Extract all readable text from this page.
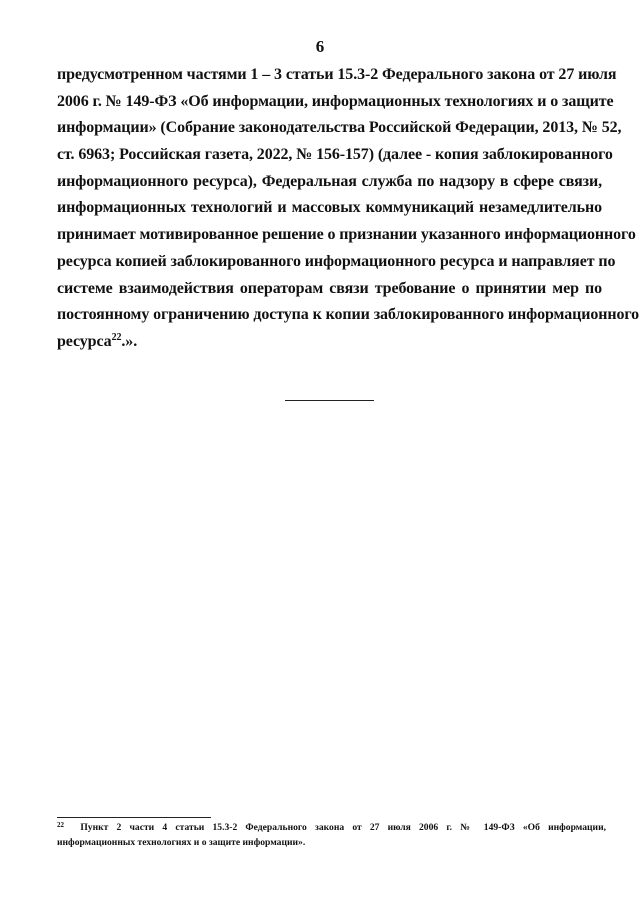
6
предусмотренном частями 1 – 3 статьи 15.3-2 Федерального закона от 27 июля
2006 г. № 149-ФЗ «Об информации, информационных технологиях и о защите
информации» (Собрание законодательства Российской Федерации, 2013, № 52,
ст. 6963; Российская газета, 2022, № 156-157) (далее - копия заблокированного
информационного ресурса), Федеральная служба по надзору в сфере связи,
информационных технологий и массовых коммуникаций незамедлительно
принимает мотивированное решение о признании указанного информационного
ресурса копией заблокированного информационного ресурса и направляет по
системе взаимодействия операторам связи требование о принятии мер по
постоянному ограничению доступа к копии заблокированного информационного
ресурса$^{22}$.».
$^{22}$ Пункт 2 части 4 статьи 15.3-2 Федерального закона от 27 июля 2006 г. № 149-ФЗ «Об информации,
информационных технологиях и о защите информации».
